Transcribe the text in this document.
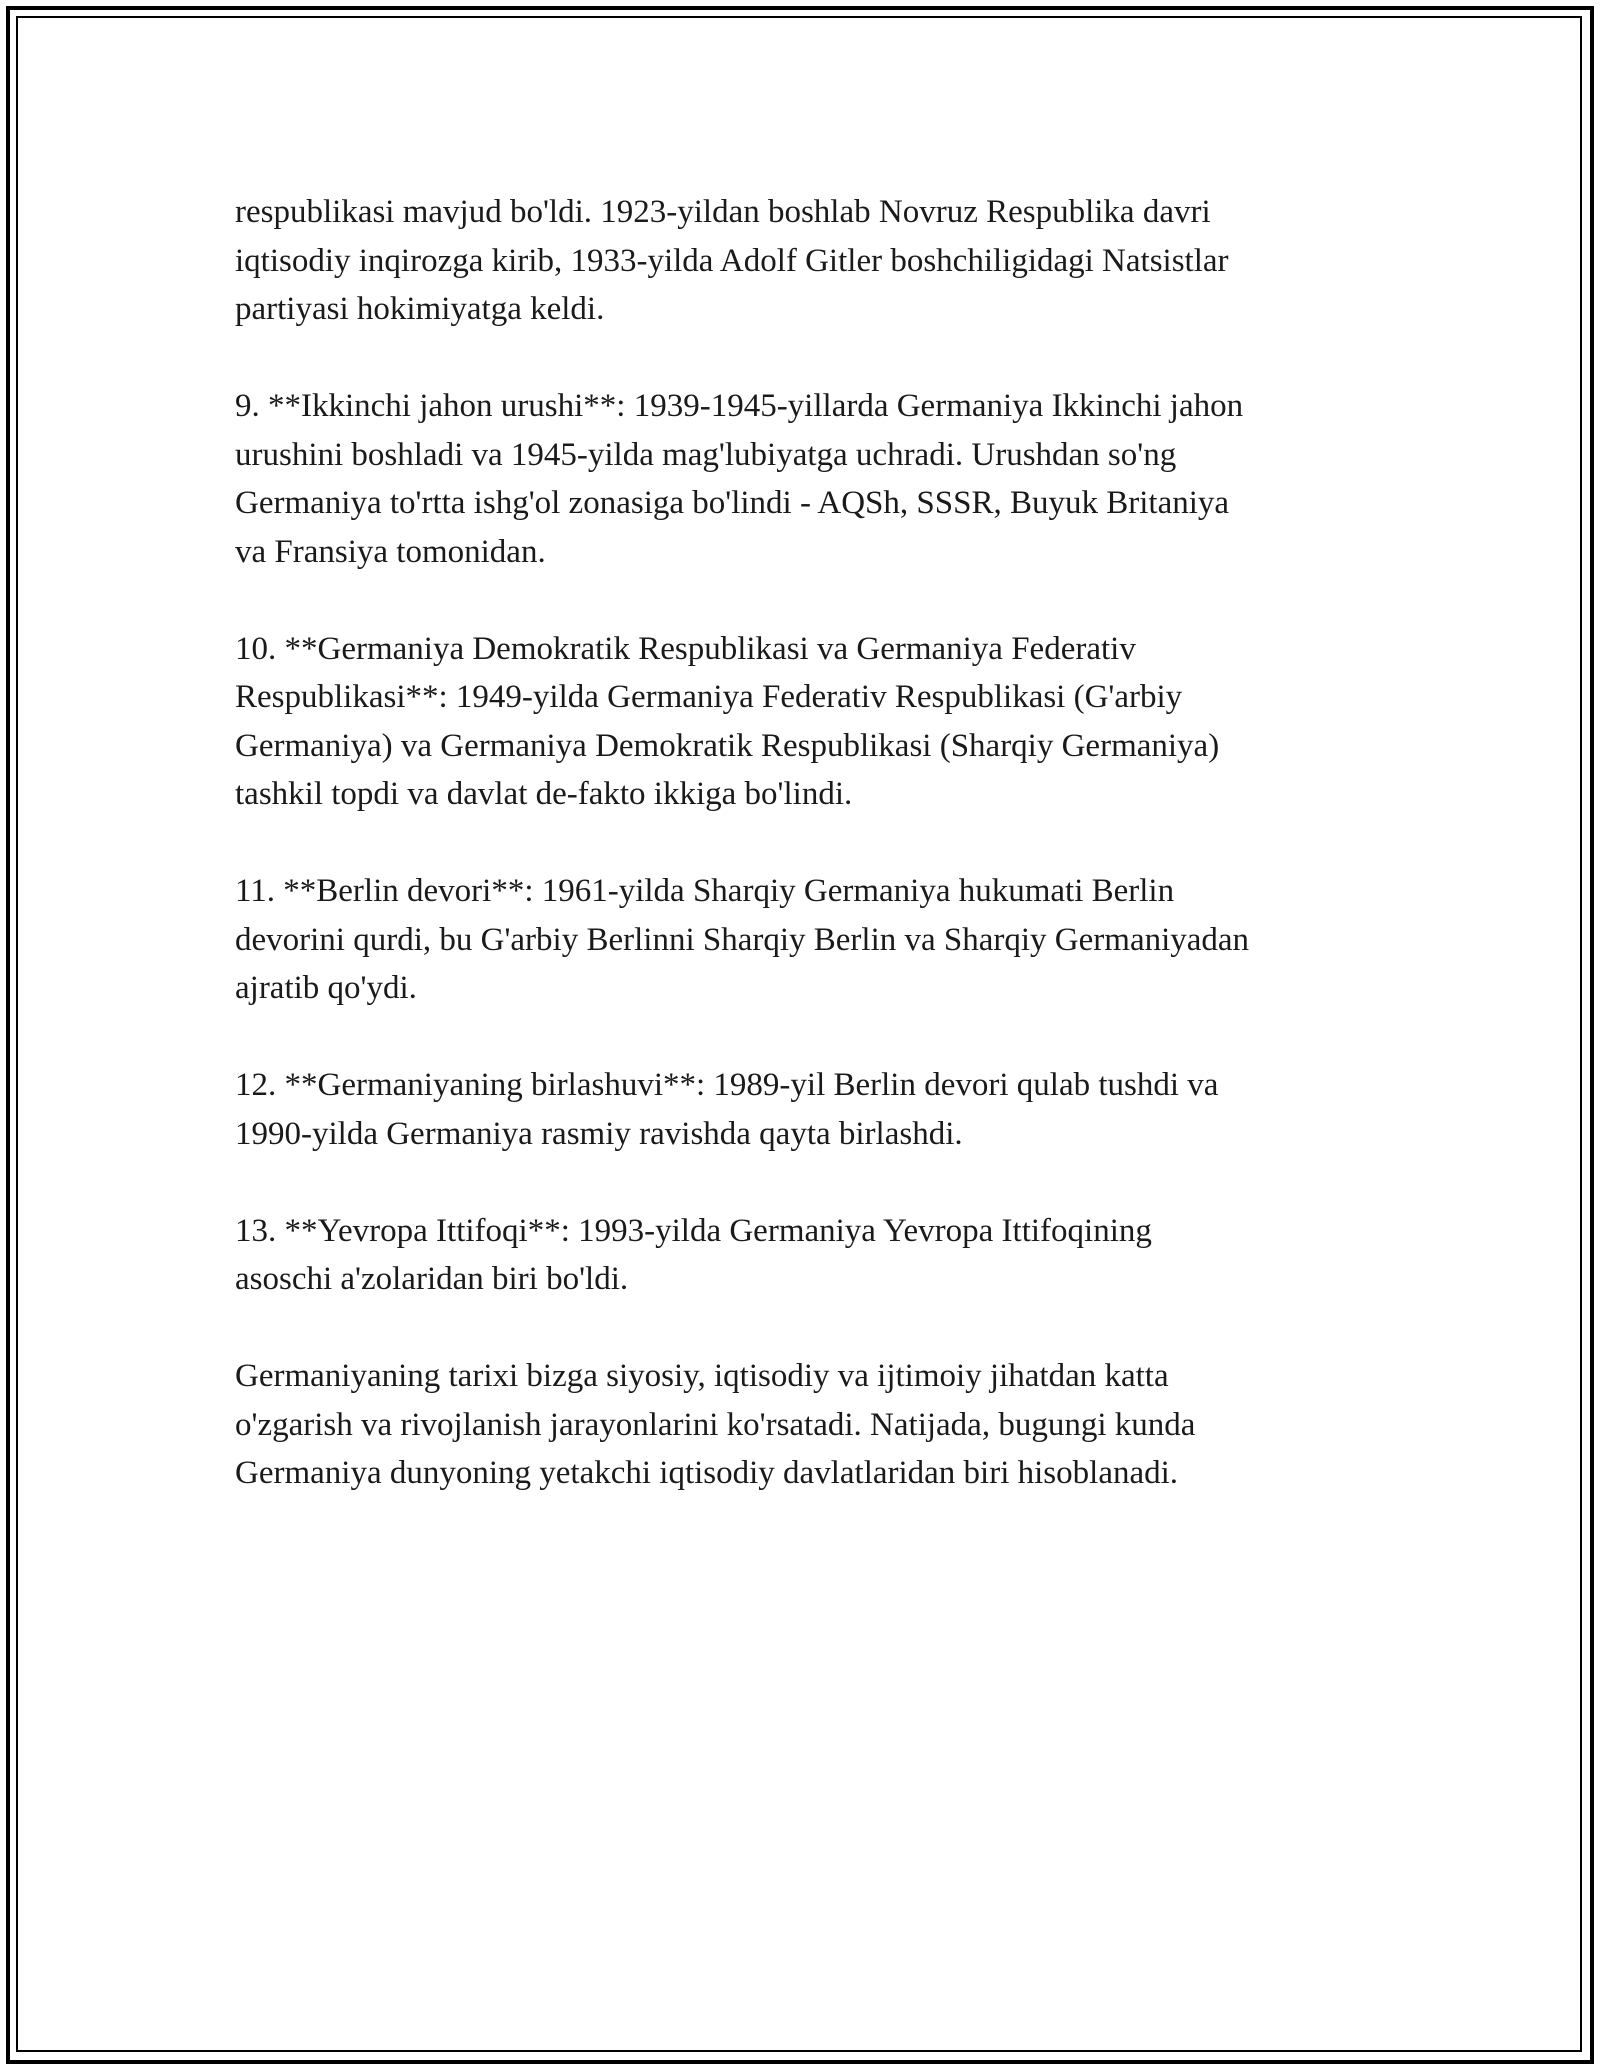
respublikasi mavjud bo'ldi. 1923-yildan boshlab Novruz Respublika davri
iqtisodiy inqirozga kirib, 1933-yilda Adolf Gitler boshchiligidagi Natsistlar
partiyasi hokimiyatga keldi.

9. **Ikkinchi jahon urushi**: 1939-1945-yillarda Germaniya Ikkinchi jahon
urushini boshladi va 1945-yilda mag'lubiyatga uchradi. Urushdan so'ng
Germaniya to'rtta ishg'ol zonasiga bo'lindi - AQSh, SSSR, Buyuk Britaniya
va Fransiya tomonidan.

10. **Germaniya Demokratik Respublikasi va Germaniya Federativ
Respublikasi**: 1949-yilda Germaniya Federativ Respublikasi (G'arbiy
Germaniya) va Germaniya Demokratik Respublikasi (Sharqiy Germaniya)
tashkil topdi va davlat de-fakto ikkiga bo'lindi.

11. **Berlin devori**: 1961-yilda Sharqiy Germaniya hukumati Berlin
devorini qurdi, bu G'arbiy Berlinni Sharqiy Berlin va Sharqiy Germaniyadan
ajratib qo'ydi.

12. **Germaniyaning birlashuvi**: 1989-yil Berlin devori qulab tushdi va
1990-yilda Germaniya rasmiy ravishda qayta birlashdi.

13. **Yevropa Ittifoqi**: 1993-yilda Germaniya Yevropa Ittifoqining
asoschi a'zolaridan biri bo'ldi.

Germaniyaning tarixi bizga siyosiy, iqtisodiy va ijtimoiy jihatdan katta
o'zgarish va rivojlanish jarayonlarini ko'rsatadi. Natijada, bugungi kunda
Germaniya dunyoning yetakchi iqtisodiy davlatlaridan biri hisoblanadi.
